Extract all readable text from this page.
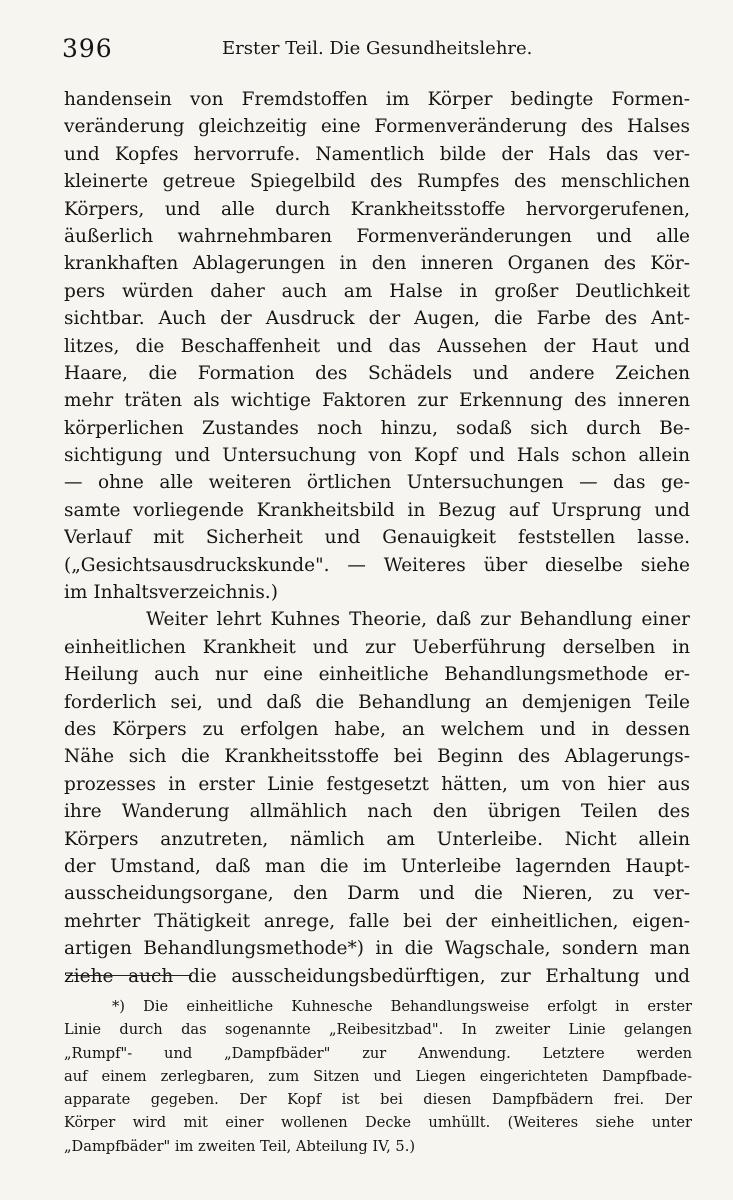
396	Erster Teil. Die Gesundheitslehre.
handensein von Fremdstoffen im Körper bedingte Formen-
veränderung gleichzeitig eine Formenveränderung des Halses
und Kopfes hervorrufe. Namentlich bilde der Hals das ver-
kleinerte getreue Spiegelbild des Rumpfes des menschlichen
Körpers, und alle durch Krankheitsstoffe hervorgerufenen,
äußerlich wahrnehmbaren Formenveränderungen und alle
krankhaften Ablagerungen in den inneren Organen des Kör-
pers würden daher auch am Halse in großer Deutlichkeit
sichtbar. Auch der Ausdruck der Augen, die Farbe des Ant-
litzes, die Beschaffenheit und das Aussehen der Haut und
Haare, die Formation des Schädels und andere Zeichen
mehr träten als wichtige Faktoren zur Erkennung des inneren
körperlichen Zustandes noch hinzu, sodaß sich durch Be-
sichtigung und Untersuchung von Kopf und Hals schon allein
— ohne alle weiteren örtlichen Untersuchungen — das ge-
samte vorliegende Krankheitsbild in Bezug auf Ursprung und
Verlauf mit Sicherheit und Genauigkeit feststellen lasse.
(„Gesichtsausdruckskunde". — Weiteres über dieselbe siehe
im Inhaltsverzeichnis.)
Weiter lehrt Kuhnes Theorie, daß zur Behandlung einer
einheitlichen Krankheit und zur Ueberführung derselben in
Heilung auch nur eine einheitliche Behandlungsmethode er-
forderlich sei, und daß die Behandlung an demjenigen Teile
des Körpers zu erfolgen habe, an welchem und in dessen
Nähe sich die Krankheitsstoffe bei Beginn des Ablagerungs-
prozesses in erster Linie festgesetzt hätten, um von hier aus
ihre Wanderung allmählich nach den übrigen Teilen des
Körpers anzutreten, nämlich am Unterleibe. Nicht allein
der Umstand, daß man die im Unterleibe lagernden Haupt-
ausscheidungsorgane, den Darm und die Nieren, zu ver-
mehrter Thätigkeit anrege, falle bei der einheitlichen, eigen-
artigen Behandlungsmethode*) in die Wagschale, sondern man
ziehe auch die ausscheidungsbedürftigen, zur Erhaltung und
*) Die einheitliche Kuhnesche Behandlungsweise erfolgt in erster
Linie durch das sogenannte „Reibesitzbad". In zweiter Linie gelangen
„Rumpf"- und „Dampfbäder" zur Anwendung. Letztere werden
auf einem zerlegbaren, zum Sitzen und Liegen eingerichteten Dampfbade-
apparate gegeben. Der Kopf ist bei diesen Dampfbädern frei. Der
Körper wird mit einer wollenen Decke umhüllt. (Weiteres siehe unter
„Dampfbäder" im zweiten Teil, Abteilung IV, 5.)
